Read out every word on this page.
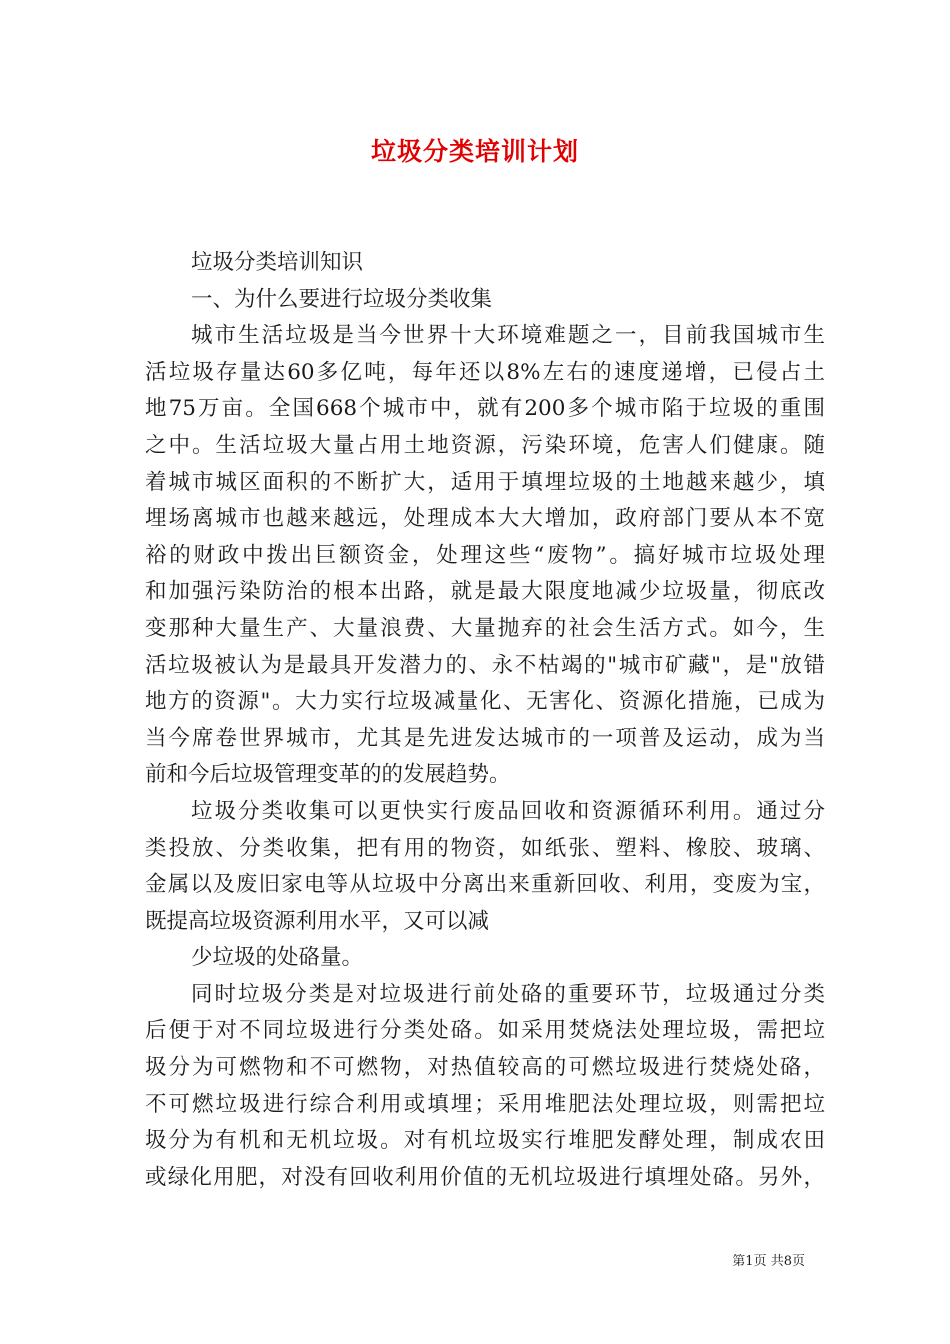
垃圾分类培训计划
垃圾分类培训知识
一、为什么要进行垃圾分类收集
城市生活垃圾是当今世界十大环境难题之一，目前我国城市生
活垃圾存量达60多亿吨，每年还以8%左右的速度递增，已侵占土
地75万亩。全国668个城市中，就有200多个城市陷于垃圾的重围
之中。生活垃圾大量占用土地资源，污染环境，危害人们健康。随
着城市城区面积的不断扩大，适用于填埋垃圾的土地越来越少，填
埋场离城市也越来越远，处理成本大大增加，政府部门要从本不宽
裕的财政中拨出巨额资金，处理这些“废物”。搞好城市垃圾处理
和加强污染防治的根本出路，就是最大限度地减少垃圾量，彻底改
变那种大量生产、大量浪费、大量抛弃的社会生活方式。如今，生
活垃圾被认为是最具开发潜力的、永不枯竭的"城市矿藏"，是"放错
地方的资源"。大力实行垃圾减量化、无害化、资源化措施，已成为
当今席卷世界城市，尤其是先进发达城市的一项普及运动，成为当
前和今后垃圾管理变革的的发展趋势。
垃圾分类收集可以更快实行废品回收和资源循环利用。通过分
类投放、分类收集，把有用的物资，如纸张、塑料、橡胶、玻璃、
金属以及废旧家电等从垃圾中分离出来重新回收、利用，变废为宝，
既提高垃圾资源利用水平，又可以减
少垃圾的处硌量。
同时垃圾分类是对垃圾进行前处硌的重要环节，垃圾通过分类
后便于对不同垃圾进行分类处硌。如采用焚烧法处理垃圾，需把垃
圾分为可燃物和不可燃物，对热值较高的可燃垃圾进行焚烧处硌，
不可燃垃圾进行综合利用或填埋；采用堆肥法处理垃圾，则需把垃
圾分为有机和无机垃圾。对有机垃圾实行堆肥发酵处理，制成农田
或绿化用肥，对没有回收利用价值的无机垃圾进行填埋处硌。另外，
第1页 共8页
